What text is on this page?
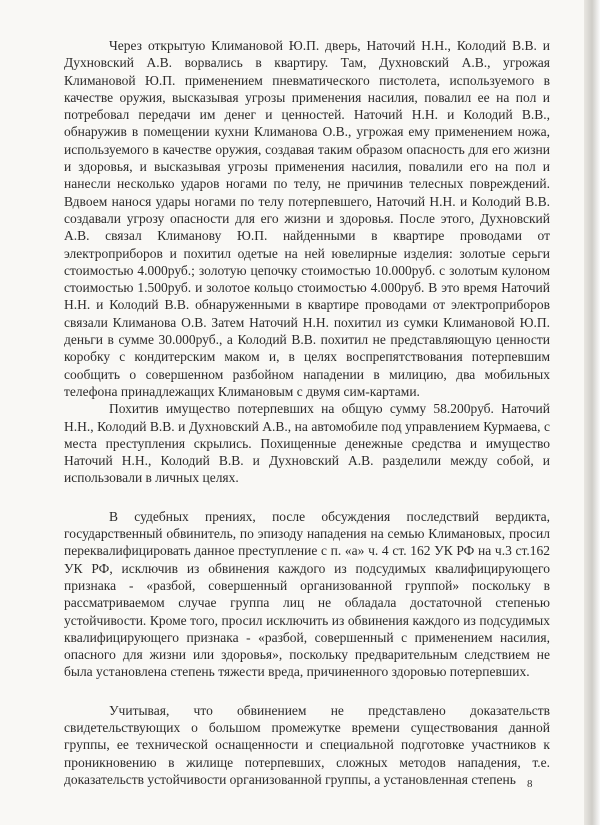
Через открытую Климановой Ю.П. дверь, Наточий Н.Н., Колодий В.В. и Духновский А.В. ворвались в квартиру. Там, Духновский А.В., угрожая Климановой Ю.П. применением пневматического пистолета, используемого в качестве оружия, высказывая угрозы применения насилия, повалил ее на пол и потребовал передачи им денег и ценностей. Наточий Н.Н. и Колодий В.В., обнаружив в помещении кухни Климанова О.В., угрожая ему применением ножа, используемого в качестве оружия, создавая таким образом опасность для его жизни и здоровья, и высказывая угрозы применения насилия, повалили его на пол и нанесли несколько ударов ногами по телу, не причинив телесных повреждений. Вдвоем нанося удары ногами по телу потерпевшего, Наточий Н.Н. и Колодий В.В. создавали угрозу опасности для его жизни и здоровья. После этого, Духновский А.В. связал Климанову Ю.П. найденными в квартире проводами от электроприборов и похитил одетые на ней ювелирные изделия: золотые серьги стоимостью 4.000руб.; золотую цепочку стоимостью 10.000руб. с золотым кулоном стоимостью 1.500руб. и золотое кольцо стоимостью 4.000руб. В это время Наточий Н.Н. и Колодий В.В. обнаруженными в квартире проводами от электроприборов связали Климанова О.В. Затем Наточий Н.Н. похитил из сумки Климановой Ю.П. деньги в сумме 30.000руб., а Колодий В.В. похитил не представляющую ценности коробку с кондитерским маком и, в целях воспрепятствования потерпевшим сообщить о совершенном разбойном нападении в милицию, два мобильных телефона принадлежащих Климановым с двумя сим-картами.

Похитив имущество потерпевших на общую сумму 58.200руб. Наточий Н.Н., Колодий В.В. и Духновский А.В., на автомобиле под управлением Курмаева, с места преступления скрылись. Похищенные денежные средства и имущество Наточий Н.Н., Колодий В.В. и Духновский А.В. разделили между собой, и использовали в личных целях.

В судебных прениях, после обсуждения последствий вердикта, государственный обвинитель, по эпизоду нападения на семью Климановых, просил переквалифицировать данное преступление с п. «а» ч. 4 ст. 162 УК РФ на ч.3 ст.162 УК РФ, исключив из обвинения каждого из подсудимых квалифицирующего признака - «разбой, совершенный организованной группой» поскольку в рассматриваемом случае группа лиц не обладала достаточной степенью устойчивости. Кроме того, просил исключить из обвинения каждого из подсудимых квалифицирующего признака - «разбой, совершенный с применением насилия, опасного для жизни или здоровья», поскольку предварительным следствием не была установлена степень тяжести вреда, причиненного здоровью потерпевших.

Учитывая, что обвинением не представлено доказательств свидетельствующих о большом промежутке времени существования данной группы, ее технической оснащенности и специальной подготовке участников к проникновению в жилище потерпевших, сложных методов нападения, т.е. доказательств устойчивости организованной группы, а установленная степень	8
